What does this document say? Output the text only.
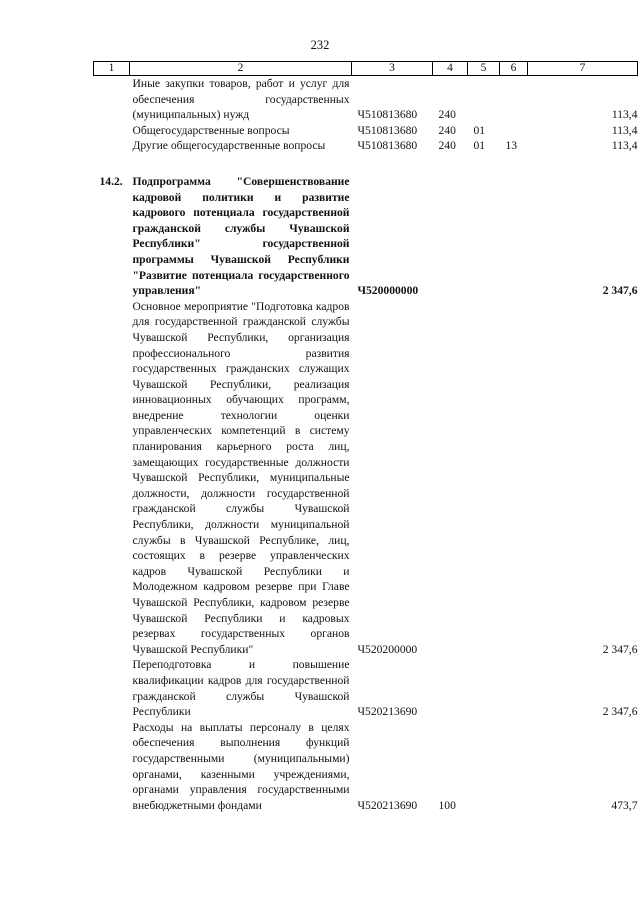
232
1	2	3	4	5	6	7
	Иные закупки товаров, работ и услуг для обеспечения государственных (муниципальных) нужд	Ч510813680	240			113,4
	Общегосударственные вопросы	Ч510813680	240	01		113,4
	Другие общегосударственные вопросы	Ч510813680	240	01	13	113,4

14.2.	Подпрограмма "Совершенствование кадровой политики и развитие кадрового потенциала государственной гражданской службы Чувашской Республики" государственной программы Чувашской Республики "Развитие потенциала государственного управления"	Ч520000000				2 347,6
	Основное мероприятие "Подготовка кадров для государственной гражданской службы Чувашской Республики, организация профессионального развития государственных гражданских служащих Чувашской Республики, реализация инновационных обучающих программ, внедрение технологии оценки управленческих компетенций в систему планирования карьерного роста лиц, замещающих государственные должности Чувашской Республики, муниципальные должности, должности государственной гражданской службы Чувашской Республики, должности муниципальной службы в Чувашской Республике, лиц, состоящих в резерве управленческих кадров Чувашской Республики и Молодежном кадровом резерве при Главе Чувашской Республики, кадровом резерве Чувашской Республики и кадровых резервах государственных органов Чувашской Республики"	Ч520200000				2 347,6
	Переподготовка и повышение квалификации кадров для государственной гражданской службы Чувашской Республики	Ч520213690				2 347,6
	Расходы на выплаты персоналу в целях обеспечения выполнения функций государственными (муниципальными) органами, казенными учреждениями, органами управления государственными внебюджетными фондами	Ч520213690	100			473,7
